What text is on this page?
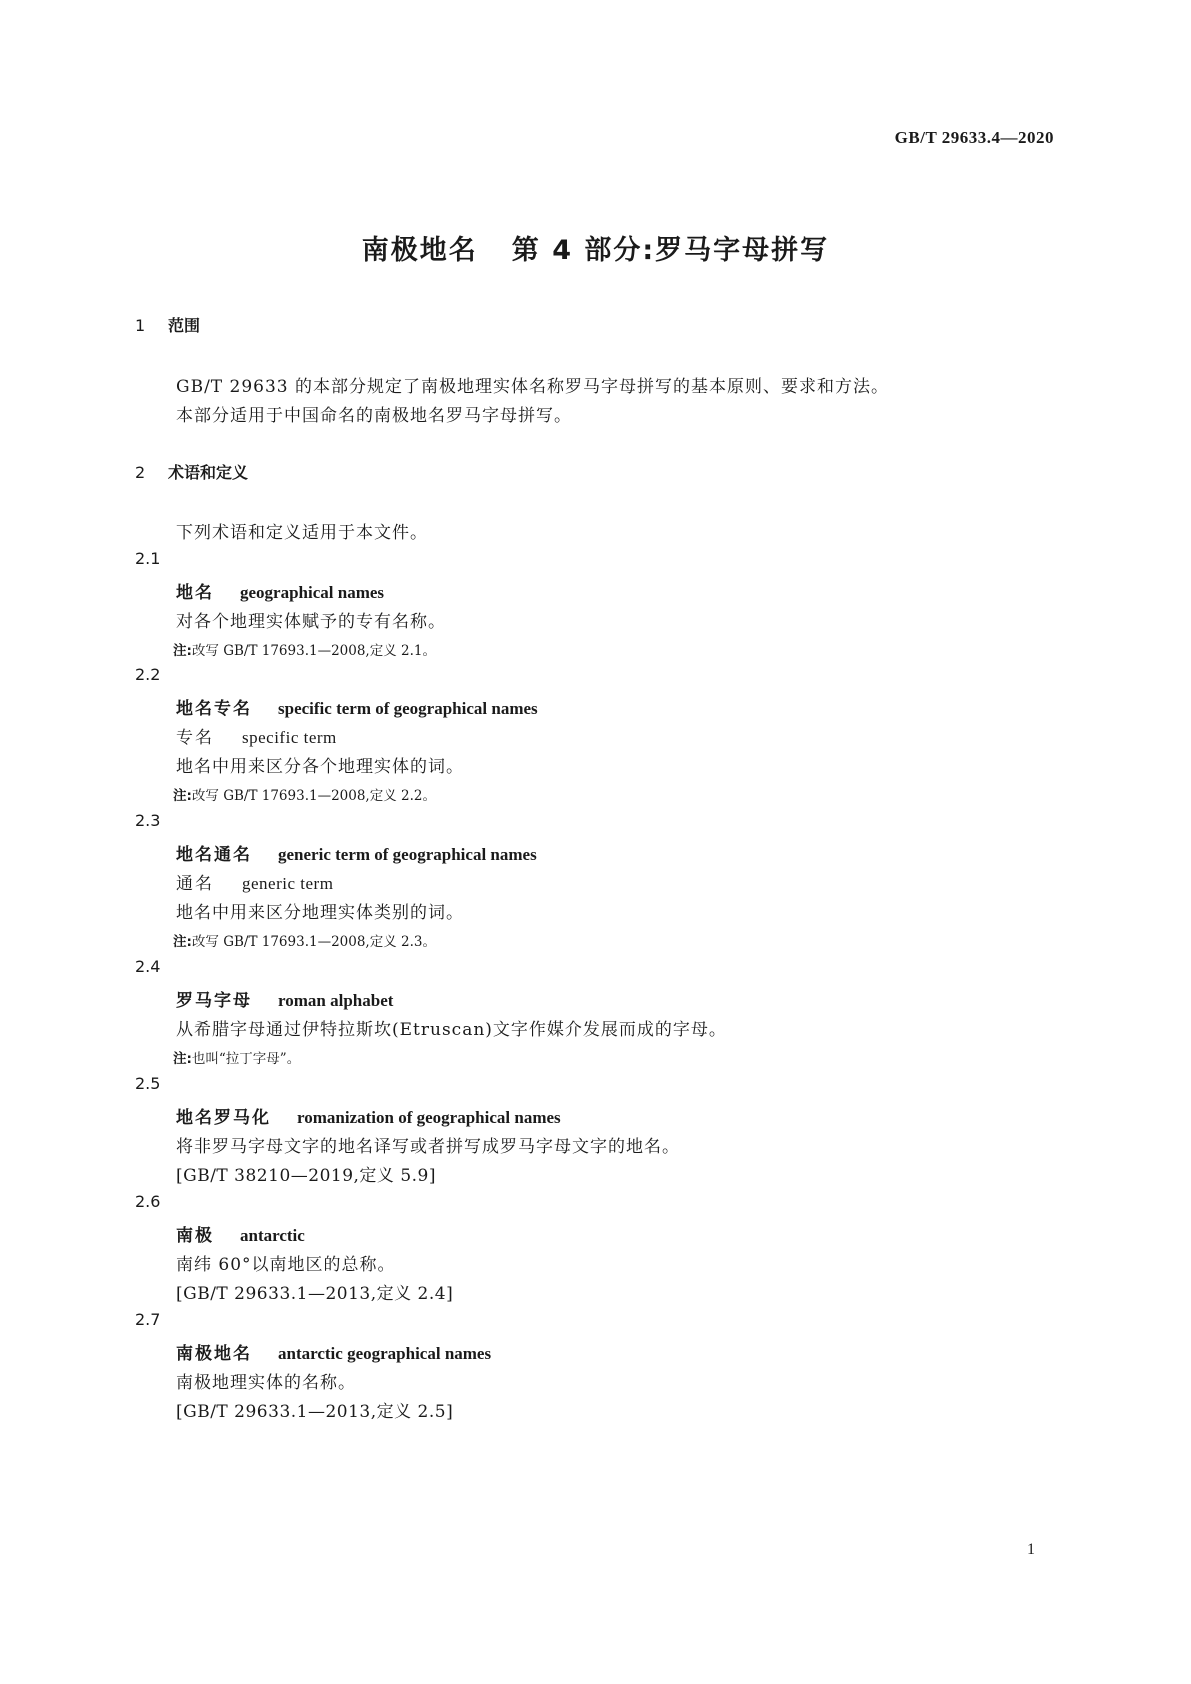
GB/T 29633.4—2020
南极地名 第 4 部分:罗马字母拼写
1 范围
GB/T 29633 的本部分规定了南极地理实体名称罗马字母拼写的基本原则、要求和方法。
本部分适用于中国命名的南极地名罗马字母拼写。
2 术语和定义
下列术语和定义适用于本文件。
2.1
地名 geographical names
对各个地理实体赋予的专有名称。
注:改写 GB/T 17693.1—2008,定义 2.1。
2.2
地名专名 specific term of geographical names
专名 specific term
地名中用来区分各个地理实体的词。
注:改写 GB/T 17693.1—2008,定义 2.2。
2.3
地名通名 generic term of geographical names
通名 generic term
地名中用来区分地理实体类别的词。
注:改写 GB/T 17693.1—2008,定义 2.3。
2.4
罗马字母 roman alphabet
从希腊字母通过伊特拉斯坎(Etruscan)文字作媒介发展而成的字母。
注:也叫“拉丁字母”。
2.5
地名罗马化 romanization of geographical names
将非罗马字母文字的地名译写或者拼写成罗马字母文字的地名。
[GB/T 38210—2019,定义 5.9]
2.6
南极 antarctic
南纬 60°以南地区的总称。
[GB/T 29633.1—2013,定义 2.4]
2.7
南极地名 antarctic geographical names
南极地理实体的名称。
[GB/T 29633.1—2013,定义 2.5]
1
